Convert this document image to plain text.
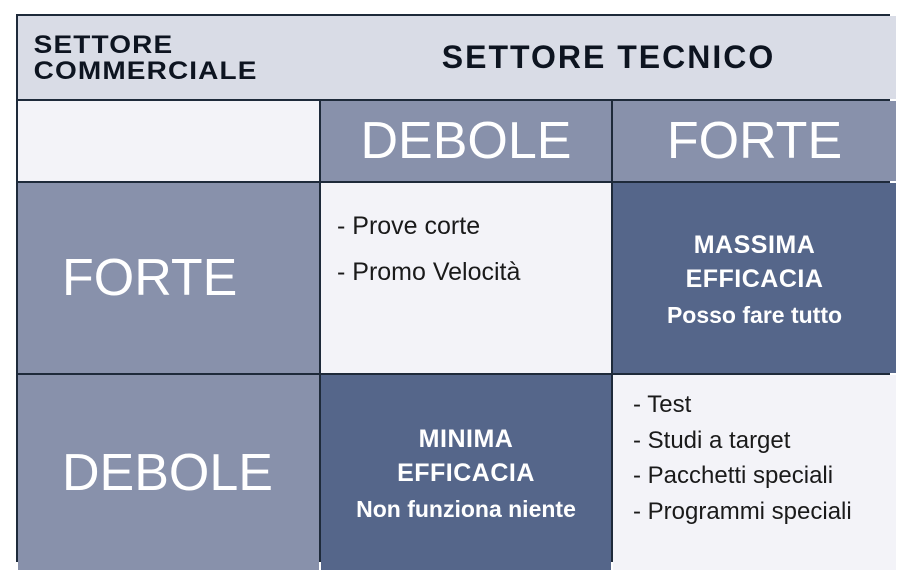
SETTORE
COMMERCIALE	SETTORE TECNICO
DEBOLE	FORTE
FORTE
- Prove corte
- Promo Velocità
MASSIMA
EFFICACIA
Posso fare tutto
DEBOLE
MINIMA
EFFICACIA
Non funziona niente
- Test
- Studi a target
- Pacchetti speciali
- Programmi speciali
